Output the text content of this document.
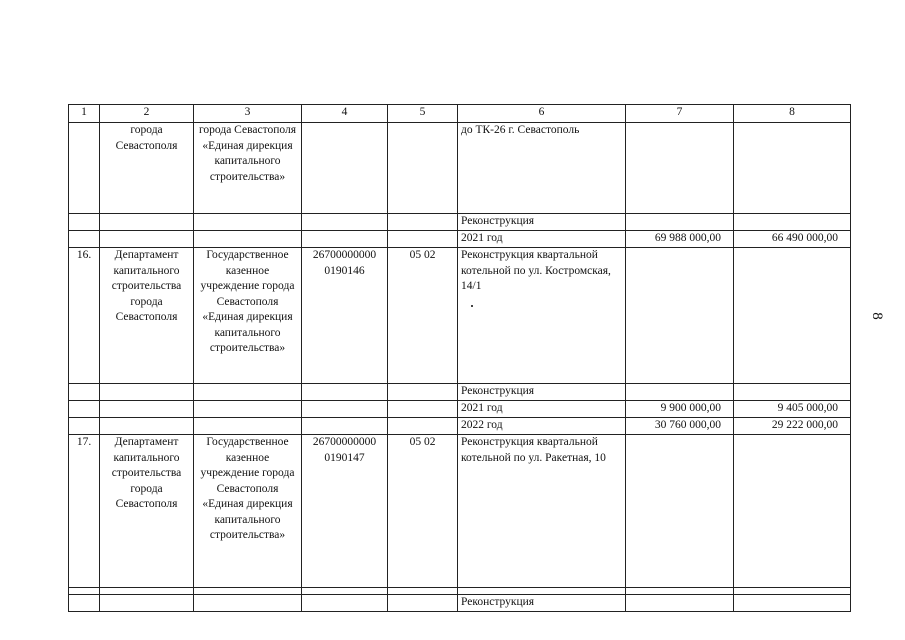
1	2	3	4	5	6	7	8
	города Севастополя	города Севастополя «Единая дирекция капитального строительства»			до ТК-26 г. Севастополь		
					Реконструкция		
					2021 год	69 988 000,00	66 490 000,00
16.	Департамент капитального строительства города Севастополя	Государственное казенное учреждение города Севастополя «Единая дирекция капитального строительства»	26700000000 0190146	05 02	Реконструкция квартальной котельной по ул. Костромская, 14/1		
					Реконструкция		
					2021 год	9 900 000,00	9 405 000,00
					2022 год	30 760 000,00	29 222 000,00
17.	Департамент капитального строительства города Севастополя	Государственное казенное учреждение города Севастополя «Единая дирекция капитального строительства»	26700000000 0190147	05 02	Реконструкция квартальной котельной по ул. Ракетная, 10		

					Реконструкция		
8
